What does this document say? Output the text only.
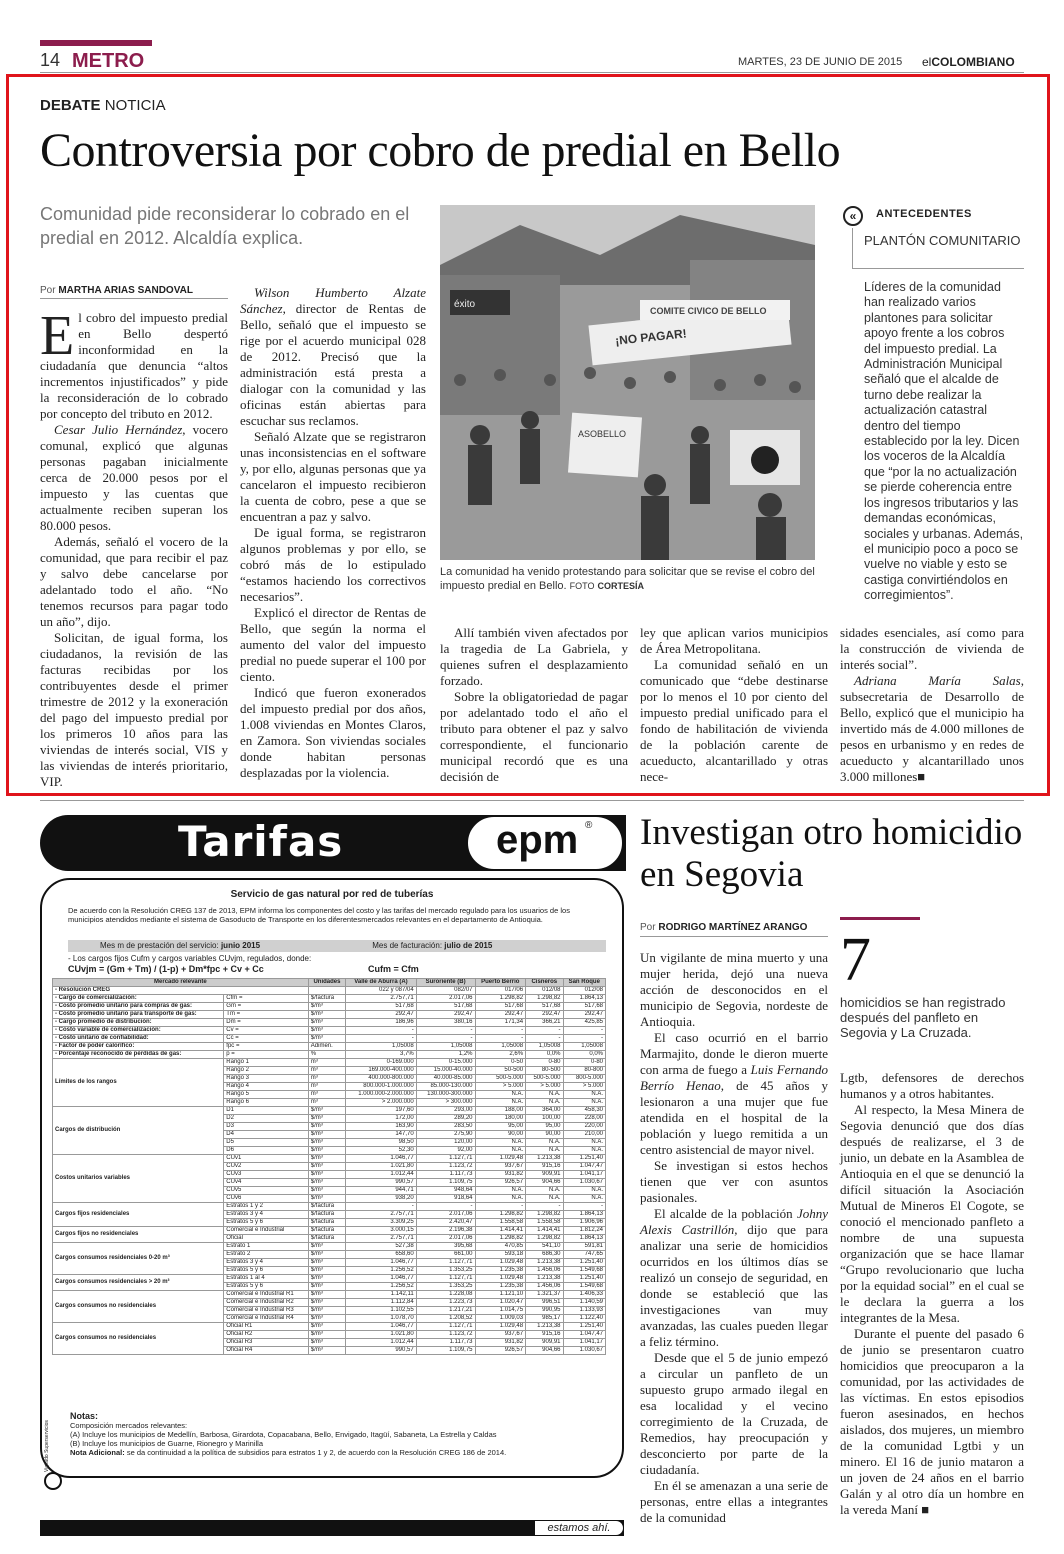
14 METRO	MARTES, 23 DE JUNIO DE 2015 elCOLOMBIANO
DEBATE NOTICIA
Controversia por cobro de predial en Bello
Comunidad pide reconsiderar lo cobrado en el predial en 2012. Alcaldía explica.
Por MARTHA ARIAS SANDOVAL

El cobro del impuesto predial en Bello despertó inconformidad en la ciudadanía que denuncia “altos incrementos injustificados” y pide la reconsideración de lo cobrado por concepto del tributo en 2012.

Cesar Julio Hernández, vocero comunal, explicó que algunas personas pagaban inicialmente cerca de 20.000 pesos por el impuesto y las cuentas que actualmente reciben superan los 80.000 pesos.

Además, señaló el vocero de la comunidad, que para recibir el paz y salvo debe cancelarse por adelantado todo el año. “No tenemos recursos para pagar todo un año”, dijo.

Solicitan, de igual forma, los ciudadanos, la revisión de las facturas recibidas por los contribuyentes desde el primer trimestre de 2012 y la exoneración del pago del impuesto predial por los primeros 10 años para las viviendas de interés social, VIS y las viviendas de interés prioritario, VIP.

Wilson Humberto Alzate Sánchez, director de Rentas de Bello, señaló que el impuesto se rige por el acuerdo municipal 028 de 2012. Precisó que la administración está presta a dialogar con la comunidad y las oficinas están abiertas para escuchar sus reclamos.

Señaló Alzate que se registraron unas inconsistencias en el software y, por ello, algunas personas que ya cancelaron el impuesto recibieron la cuenta de cobro, pese a que se encuentran a paz y salvo.

De igual forma, se registraron algunos problemas y por ello, se cobró más de lo estipulado “estamos haciendo los correctivos necesarios”.

Explicó el director de Rentas de Bello, que según la norma el aumento del valor del impuesto predial no puede superar el 100 por ciento.

Indicó que fueron exonerados del impuesto predial por dos años, 1.008 viviendas en Montes Claros, en Zamora. Son viviendas sociales donde habitan personas desplazadas por la violencia.

éxito
¡NO PAGAR!
COMITE CIVICO DE BELLO
ASOBELLO
La comunidad ha venido protestando para solicitar que se revise el cobro del impuesto predial en Bello. FOTO CORTESÍA

Allí también viven afectados por la tragedia de La Gabriela, y quienes sufren el desplazamiento forzado.

Sobre la obligatoriedad de pagar por adelantado todo el año el tributo para obtener el paz y salvo correspondiente, el funcionario municipal recordó que es una decisión de

ley que aplican varios municipios de Área Metropolitana.

La comunidad señaló en un comunicado que “debe destinarse por lo menos el 10 por ciento del impuesto predial unificado para el fondo de habilitación de vivienda de la población carente de acueducto, alcantarillado y otras nece-

sidades esenciales, así como para la construcción de vivienda de interés social”.

Adriana María Salas, subsecretaria de Desarrollo de Bello, explicó que el municipio ha invertido más de 4.000 millones de pesos en urbanismo y en redes de acueducto y alcantarillado unos 3.000 millones■

«	ANTECEDENTES
PLANTÓN COMUNITARIO
Líderes de la comunidad han realizado varios plantones para solicitar apoyo frente a los cobros del impuesto predial. La Administración Municipal señaló que el alcalde de turno debe realizar la actualización catastral dentro del tiempo establecido por la ley. Dicen los voceros de la Alcaldía que “por la no actualización se pierde coherencia entre los ingresos tributarios y las demandas económicas, sociales y urbanas. Además, el municipio poco a poco se vuelve no viable y esto se castiga convirtiéndolos en corregimientos”.
Tarifas	epm ®
Servicio de gas natural por red de tuberías
De acuerdo con la Resolución CREG 137 de 2013, EPM informa los componentes del costo y las tarifas del mercado regulado para los usuarios de los municipios atendidos mediante el sistema de Gasoducto de Transporte en los diferentesmercados relevantes en el departamento de Antioquia.
Mes m de prestación del servicio: junio 2015	Mes de facturación: julio de 2015
- Los cargos fijos Cufm y cargos variables CUvjm, regulados, donde:
CUvjm = (Gm + Tm) / (1-p) + Dm*fpc + Cv + Cc	Cufm = Cfm
Mercado relevante		Unidades	Valle de Aburrá (A)	Suroriente (B)	Puerto Berrío	Cisneros	San Roque
- Resolución CREG			022 y 087/04	082/07	017/06	012/08	012/08
- Cargo de comercialización:	Cfm =	$/factura	2.757,71	2.017,06	1.298,82	1.298,82	1.864,13
- Costo promedio unitario para compras de gas:	Gm =	$/m³	517,68	517,68	517,68	517,68	517,68
- Costo promedio unitario para transporte de gas:	Tm =	$/m³	292,47	292,47	292,47	292,47	292,47
- Cargo promedio de distribución:	Dm =	$/m³	186,96	380,16	171,34	366,21	425,85
- Costo variable de comercialización:	Cv =	$/m³	-	-	-	-	-
- Costo unitario de confiabilidad:	Cc =	$/m³	-	-	-	-	-
- Factor de poder calorífico:	fpc =	Adimen.	1,05008	1,05008	1,05008	1,05008	1,05008
- Porcentaje reconocido de pérdidas de gas:	p =	%	3,7%	1,2%	2,6%	0,0%	0,0%
Límites de los rangos	Rango 1	m³	0-169.000	0-15.000	0-50	0-80	0-80
	Rango 2	m³	169.000-400.000	15.000-40.000	50-500	80-500	80-800
	Rango 3	m³	400.000-800.000	40.000-85.000	500-5.000	500-5.000	800-5.000
	Rango 4	m³	800.000-1.000.000	85.000-130.000	> 5.000	> 5.000	> 5.000
	Rango 5	m³	1.000.000-2.000.000	130.000-300.000	N.A.	N.A.	N.A.
	Rango 6	m³	> 2.000.000	> 300.000	N.A.	N.A.	N.A.
Cargos de distribución	D1	$/m³	197,60	293,00	188,00	364,00	458,30
	D2	$/m³	172,00	289,20	180,00	100,00	228,00
	D3	$/m³	163,90	283,50	95,00	95,00	220,00
	D4	$/m³	147,70	275,90	90,00	90,00	210,00
	D5	$/m³	98,50	120,00	N.A.	N.A.	N.A.
	D6	$/m³	52,30	92,00	N.A.	N.A.	N.A.
Costos unitarios variables	CUv1	$/m³	1.046,77	1.127,71	1.029,48	1.213,38	1.251,40
	CUv2	$/m³	1.021,80	1.123,72	937,67	915,16	1.047,47
	CUv3	$/m³	1.012,44	1.117,73	931,82	909,91	1.041,17
	CUv4	$/m³	990,57	1.109,75	926,57	904,66	1.030,67
	CUv5	$/m³	944,71	948,64	N.A.	N.A.	N.A.
	CUv6	$/m³	938,20	918,64	N.A.	N.A.	N.A.
Cargos fijos residenciales	Estratos 1 y 2	$/factura	-	-	-	-	-
	Estratos 3 y 4	$/factura	2.757,71	2.017,06	1.298,82	1.298,82	1.864,13
	Estratos 5 y 6	$/factura	3.309,25	2.420,47	1.558,58	1.558,58	1.906,96
Cargos fijos no residenciales	Comercial e Industrial	$/factura	3.000,15	2.196,38	1.414,41	1.414,41	1.812,24
	Oficial	$/factura	2.757,71	2.017,06	1.298,82	1.298,82	1.864,13
Cargos consumos residenciales 0-20 m³	Estrato 1	$/m³	527,38	395,68	470,85	541,10	591,81
	Estrato 2	$/m³	658,60	661,00	593,18	686,30	747,65
	Estratos 3 y 4	$/m³	1.046,77	1.127,71	1.029,48	1.213,38	1.251,40
	Estratos 5 y 6	$/m³	1.256,52	1.353,25	1.235,38	1.456,06	1.549,68
Cargos consumos residenciales > 20 m³	Estratos 1 al 4	$/m³	1.046,77	1.127,71	1.029,48	1.213,38	1.251,40
	Estratos 5 y 6	$/m³	1.256,52	1.353,25	1.235,38	1.456,06	1.549,68
Cargos consumos no residenciales	Comercial e Industrial R1	$/m³	1.142,11	1.228,08	1.121,10	1.321,37	1.406,33
	Comercial e Industrial R2	$/m³	1.112,84	1.223,73	1.020,47	996,51	1.140,59
	Comercial e Industrial R3	$/m³	1.102,55	1.217,21	1.014,75	990,95	1.133,93
	Comercial e Industrial R4	$/m³	1.078,70	1.208,52	1.009,03	985,17	1.122,40
Cargos consumos no residenciales	Oficial R1	$/m³	1.046,77	1.127,71	1.029,48	1.213,38	1.251,40
	Oficial R2	$/m³	1.021,80	1.123,72	937,67	915,16	1.047,47
	Oficial R3	$/m³	1.012,44	1.117,73	931,82	909,91	1.041,17
	Oficial R4	$/m³	990,57	1.109,75	926,57	904,66	1.030,67
Vigilado Superservicios
Notas:
Composición mercados relevantes:
(A) Incluye los municipios de Medellín, Barbosa, Girardota, Copacabana, Bello, Envigado, Itagüí, Sabaneta, La Estrella y Caldas
(B) Incluye los municipios de Guarne, Rionegro y Marinilla
Nota Adicional: se da continuidad a la política de subsidios para estratos 1 y 2, de acuerdo con la Resolución CREG 186 de 2014.
estamos ahí.
Investigan otro homicidio en Segovia
Por RODRIGO MARTÍNEZ ARANGO

Un vigilante de mina muerto y una mujer herida, dejó una nueva acción de desconocidos en el municipio de Segovia, nordeste de Antioquia.

El caso ocurrió en el barrio Marmajito, donde le dieron muerte con arma de fuego a Luis Fernando Berrío Henao, de 45 años y lesionaron a una mujer que fue atendida en el hospital de la población y luego remitida a un centro asistencial de mayor nivel.

Se investigan si estos hechos tienen que ver con asuntos pasionales.

El alcalde de la población Johny Alexis Castrillón, dijo que para analizar una serie de homicidios ocurridos en los últimos días se realizó un consejo de seguridad, en donde se estableció que las investigaciones van muy avanzadas, las cuales pueden llegar a feliz término.

Desde que el 5 de junio empezó a circular un panfleto de un supuesto grupo armado ilegal en esa localidad y el vecino corregimiento de la Cruzada, de Remedios, hay preocupación y desconcierto por parte de la ciudadanía.

En él se amenazan a una serie de personas, entre ellas a integrantes de la comunidad

7
homicidios se han registrado después del panfleto en Segovia y La Cruzada.

Lgtb, defensores de derechos humanos y a otros habitantes.

Al respecto, la Mesa Minera de Segovia denunció que dos días después de realizarse, el 3 de junio, un debate en la Asamblea de Antioquia en el que se denunció la difícil situación la Asociación Mutual de Mineros El Cogote, se conoció el mencionado panfleto a nombre de una supuesta organización que se hace llamar “Grupo revolucionario que lucha por la equidad social” en el cual se le declara la guerra a los integrantes de la Mesa.

Durante el puente del pasado 6 de junio se presentaron cuatro homicidios que preocuparon a la comunidad, por las actividades de las víctimas. En estos episodios fueron asesinados, en hechos aislados, dos mujeres, un miembro de la comunidad Lgtbi y un minero. El 16 de junio mataron a un joven de 24 años en el barrio Galán y al otro día un hombre en la vereda Maní ■
